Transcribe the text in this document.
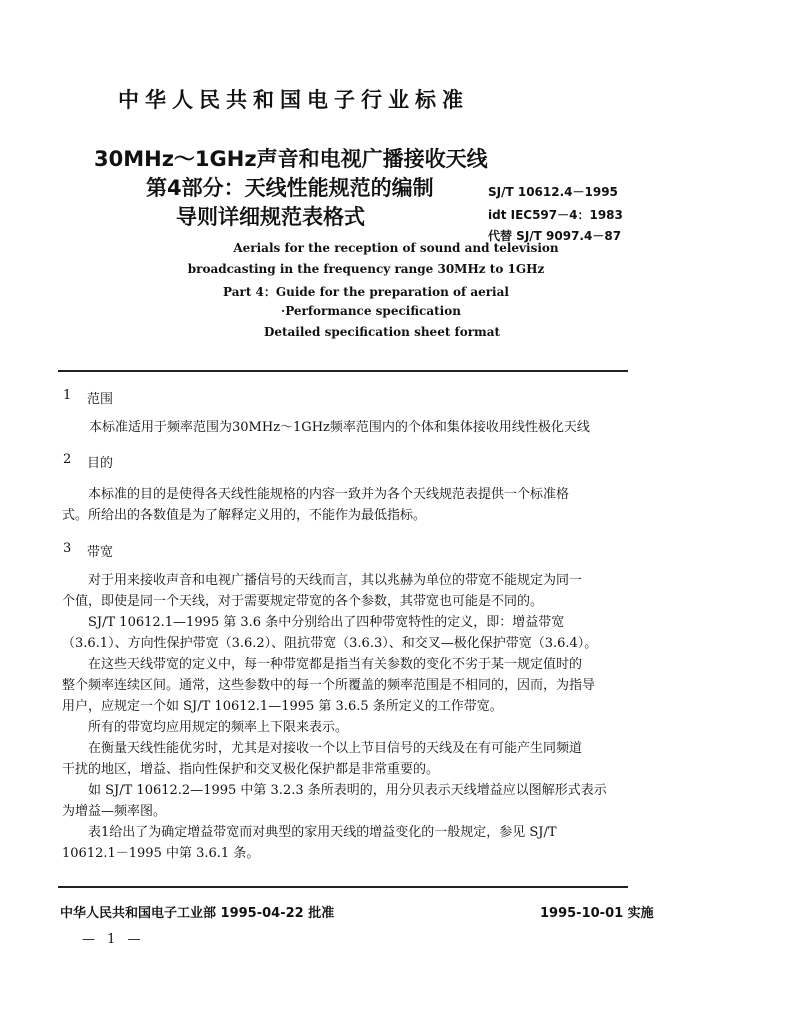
中华人民共和国电子行业标准
30MHz～1GHz声音和电视广播接收天线
第4部分：天线性能规范的编制
导则详细规范表格式
SJ/T 10612.4－1995
idt IEC597－4：1983
代替 SJ/T 9097.4－87
Aerials for the reception of sound and television
broadcasting in the frequency range 30MHz to 1GHz
Part 4：Guide for the preparation of aerial
·Performance specification
Detailed specification sheet format
1 范围
本标准适用于频率范围为30MHz～1GHz频率范围内的个体和集体接收用线性极化天线
2 目的
本标准的目的是使得各天线性能规格的内容一致并为各个天线规范表提供一个标准格
式。所给出的各数值是为了解释定义用的，不能作为最低指标。
3 带宽
对于用来接收声音和电视广播信号的天线而言，其以兆赫为单位的带宽不能规定为同一
个值，即使是同一个天线，对于需要规定带宽的各个参数，其带宽也可能是不同的。
SJ/T 10612.1—1995 第 3.6 条中分别给出了四种带宽特性的定义，即：增益带宽
（3.6.1）、方向性保护带宽（3.6.2）、阻抗带宽（3.6.3）、和交叉—极化保护带宽（3.6.4）。
在这些天线带宽的定义中，每一种带宽都是指当有关参数的变化不劣于某一规定值时的
整个频率连续区间。通常，这些参数中的每一个所覆盖的频率范围是不相同的，因而，为指导
用户，应规定一个如 SJ/T 10612.1—1995 第 3.6.5 条所定义的工作带宽。
所有的带宽均应用规定的频率上下限来表示。
在衡量天线性能优劣时，尤其是对接收一个以上节目信号的天线及在有可能产生同频道
干扰的地区，增益、指向性保护和交叉极化保护都是非常重要的。
如 SJ/T 10612.2—1995 中第 3.2.3 条所表明的，用分贝表示天线增益应以图解形式表示
为增益—频率图。
表1给出了为确定增益带宽而对典型的家用天线的增益变化的一般规定，参见 SJ/T
10612.1－1995 中第 3.6.1 条。
中华人民共和国电子工业部 1995-04-22 批准	1995-10-01 实施
— 1 —
